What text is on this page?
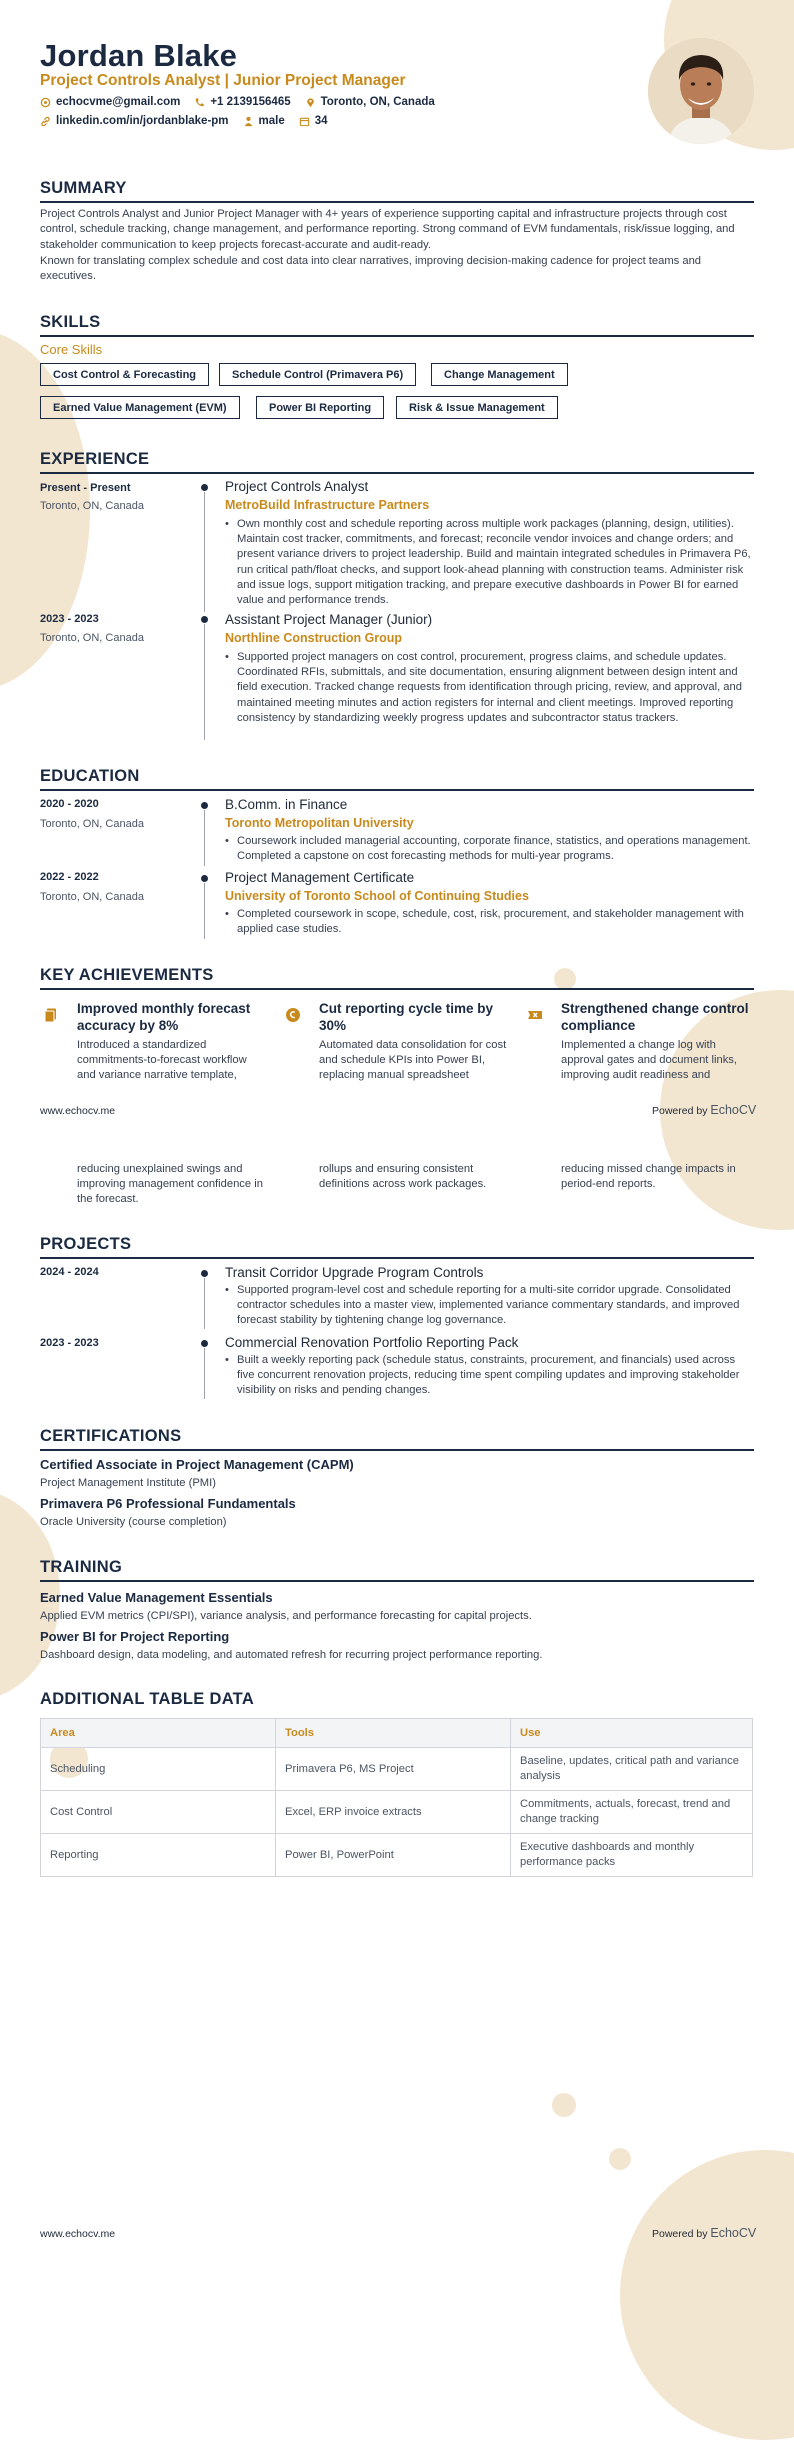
Jordan Blake
Project Controls Analyst | Junior Project Manager
echocvme@gmail.com	+1 2139156465	Toronto, ON, Canada
linkedin.com/in/jordanblake-pm	male	34
SUMMARY
Project Controls Analyst and Junior Project Manager with 4+ years of experience supporting capital and infrastructure projects through cost control, schedule tracking, change management, and performance reporting. Strong command of EVM fundamentals, risk/issue logging, and stakeholder communication to keep projects forecast-accurate and audit-ready.
Known for translating complex schedule and cost data into clear narratives, improving decision-making cadence for project teams and executives.
SKILLS
Core Skills
Cost Control & Forecasting	Schedule Control (Primavera P6)	Change Management
Earned Value Management (EVM)	Power BI Reporting	Risk & Issue Management
EXPERIENCE
Present - Present
Toronto, ON, Canada
Project Controls Analyst
MetroBuild Infrastructure Partners
• Own monthly cost and schedule reporting across multiple work packages (planning, design, utilities). Maintain cost tracker, commitments, and forecast; reconcile vendor invoices and change orders; and present variance drivers to project leadership. Build and maintain integrated schedules in Primavera P6, run critical path/float checks, and support look-ahead planning with construction teams. Administer risk and issue logs, support mitigation tracking, and prepare executive dashboards in Power BI for earned value and performance trends.
2023 - 2023
Toronto, ON, Canada
Assistant Project Manager (Junior)
Northline Construction Group
• Supported project managers on cost control, procurement, progress claims, and schedule updates. Coordinated RFIs, submittals, and site documentation, ensuring alignment between design intent and field execution. Tracked change requests from identification through pricing, review, and approval, and maintained meeting minutes and action registers for internal and client meetings. Improved reporting consistency by standardizing weekly progress updates and subcontractor status trackers.
EDUCATION
2020 - 2020
Toronto, ON, Canada
B.Comm. in Finance
Toronto Metropolitan University
• Coursework included managerial accounting, corporate finance, statistics, and operations management. Completed a capstone on cost forecasting methods for multi-year programs.
2022 - 2022
Toronto, ON, Canada
Project Management Certificate
University of Toronto School of Continuing Studies
• Completed coursework in scope, schedule, cost, risk, procurement, and stakeholder management with applied case studies.
KEY ACHIEVEMENTS
Improved monthly forecast accuracy by 8%
Introduced a standardized commitments-to-forecast workflow and variance narrative template,
Cut reporting cycle time by 30%
Automated data consolidation for cost and schedule KPIs into Power BI, replacing manual spreadsheet
Strengthened change control compliance
Implemented a change log with approval gates and document links, improving audit readiness and
www.echocv.me	Powered by EchoCV
reducing unexplained swings and improving management confidence in the forecast.
rollups and ensuring consistent definitions across work packages.
reducing missed change impacts in period-end reports.
PROJECTS
2024 - 2024	Transit Corridor Upgrade Program Controls
• Supported program-level cost and schedule reporting for a multi-site corridor upgrade. Consolidated contractor schedules into a master view, implemented variance commentary standards, and improved forecast stability by tightening change log governance.
2023 - 2023	Commercial Renovation Portfolio Reporting Pack
• Built a weekly reporting pack (schedule status, constraints, procurement, and financials) used across five concurrent renovation projects, reducing time spent compiling updates and improving stakeholder visibility on risks and pending changes.
CERTIFICATIONS
Certified Associate in Project Management (CAPM)
Project Management Institute (PMI)
Primavera P6 Professional Fundamentals
Oracle University (course completion)
TRAINING
Earned Value Management Essentials
Applied EVM metrics (CPI/SPI), variance analysis, and performance forecasting for capital projects.
Power BI for Project Reporting
Dashboard design, data modeling, and automated refresh for recurring project performance reporting.
ADDITIONAL TABLE DATA
Area	Tools	Use
Scheduling	Primavera P6, MS Project	Baseline, updates, critical path and variance analysis
Cost Control	Excel, ERP invoice extracts	Commitments, actuals, forecast, trend and change tracking
Reporting	Power BI, PowerPoint	Executive dashboards and monthly performance packs
www.echocv.me	Powered by EchoCV
